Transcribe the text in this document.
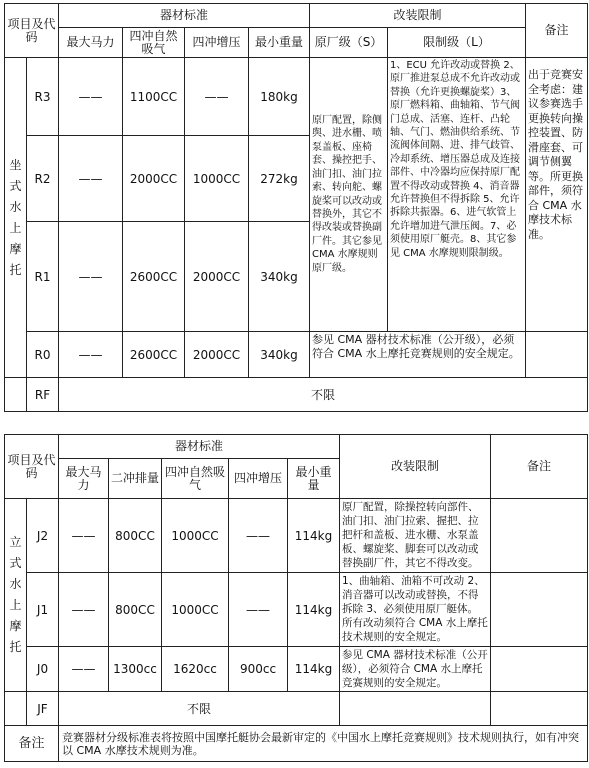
项目及代码		器材标准				改装限制		备注
		最大马力	四冲自然吸气	四冲增压	最小重量	原厂级（S）	限制级（L）	

坐式水上摩托	R3	——	1100CC	——	180kg	原厂配置，除侧舆、进水栅、喷泵盖板、座椅套、操控把手、油门扣、油门拉索、转向舵、螺旋桨可以改动或替换外，其它不得改装或替换副厂件。其它参见 CMA 水摩规则原厂级。	1、ECU 允许改动或替换 2、原厂推进泵总成不允许改动或替换（允许更换螺旋桨）3、原厂燃料箱、曲轴箱、节气阀门总成、活塞、连杆、凸轮轴、气门、燃油供给系统、节流阀体间隔、进、排气歧管、冷却系统、增压器总成及连接部件、中冷器均应保持原厂配置不得改动或替换 4、消音器允许替换但不得拆除 5、允许拆除共振器。6、进气软管上允许增加进气泄压阀。7、必须使用原厂艇壳。8、其它参见 CMA 水摩规则限制级。	出于竞赛安全考虑：建议参赛选手更换转向操控装置、防滑座套、可调节侧翼等。所更换部件，须符合 CMA 水摩技术标准。
	R2	——	2000CC	1000CC	272kg			
	R1	——	2600CC	2000CC	340kg			
	R0	——	2600CC	2000CC	340kg	参见 CMA 器材技术标准（公开级），必须符合 CMA 水上摩托竞赛规则的安全规定。		
	RF	不限						
项目及代码		器材标准					改装限制	备注
		最大马力	二冲排量	四冲自然吸气	四冲增压	最小重量		

立式水上摩托	J2	——	800CC	1000CC	——	114kg	原厂配置，除操控转向部件、油门扣、油门拉索、握把、拉把杆和盖板、进水栅、水泵盖板、螺旋桨、脚套可以改动或替换副厂件，其它不得改变。	
	J1	——	800CC	1000CC	——	114kg	1、曲轴箱、油箱不可改动 2、消音器可以改动或替换，不得拆除 3、必须使用原厂艇体。所有改动须符合 CMA 水上摩托技术规则的安全规定。	
	J0	——	1300cc	1620cc	900cc	114kg	参见 CMA 器材技术标准（公开级），必须符合 CMA 水上摩托竞赛规则的安全规定。	
	JF	不限						
备注		竞赛器材分级标准表将按照中国摩托艇协会最新审定的《中国水上摩托竞赛规则》技术规则执行，如有冲突以 CMA 水摩技术规则为准。						
